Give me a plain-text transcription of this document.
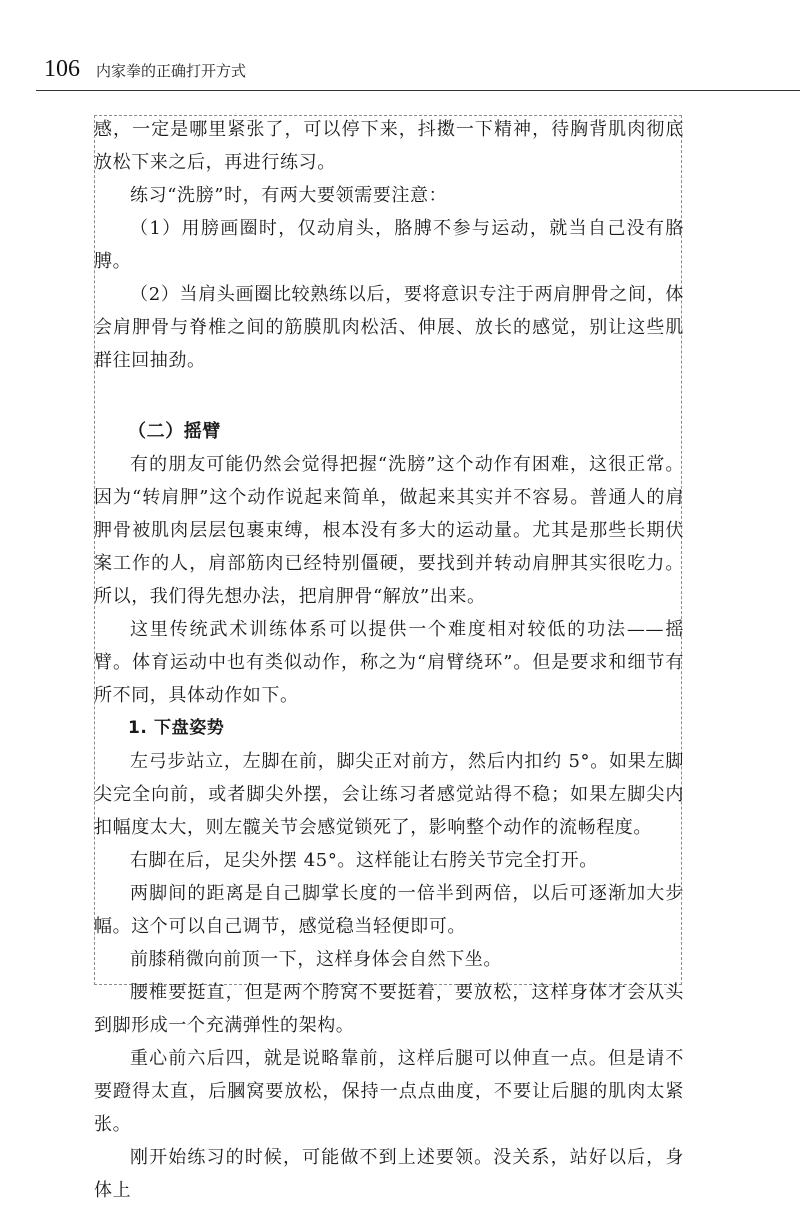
106 内家拳的正确打开方式

感，一定是哪里紧张了，可以停下来，抖擞一下精神，待胸背肌肉彻底放松下来之后，再进行练习。

练习“洗膀”时，有两大要领需要注意：

（1）用膀画圈时，仅动肩头，胳膊不参与运动，就当自己没有胳膊。

（2）当肩头画圈比较熟练以后，要将意识专注于两肩胛骨之间，体会肩胛骨与脊椎之间的筋膜肌肉松活、伸展、放长的感觉，别让这些肌群往回抽劲。

（二）摇臂

有的朋友可能仍然会觉得把握“洗膀”这个动作有困难，这很正常。因为“转肩胛”这个动作说起来简单，做起来其实并不容易。普通人的肩胛骨被肌肉层层包裹束缚，根本没有多大的运动量。尤其是那些长期伏案工作的人，肩部筋肉已经特别僵硬，要找到并转动肩胛其实很吃力。所以，我们得先想办法，把肩胛骨“解放”出来。

这里传统武术训练体系可以提供一个难度相对较低的功法——摇臂。体育运动中也有类似动作，称之为“肩臂绕环”。但是要求和细节有所不同，具体动作如下。

1. 下盘姿势

左弓步站立，左脚在前，脚尖正对前方，然后内扣约 5°。如果左脚尖完全向前，或者脚尖外摆，会让练习者感觉站得不稳；如果左脚尖内扣幅度太大，则左髋关节会感觉锁死了，影响整个动作的流畅程度。

右脚在后，足尖外摆 45°。这样能让右胯关节完全打开。

两脚间的距离是自己脚掌长度的一倍半到两倍，以后可逐渐加大步幅。这个可以自己调节，感觉稳当轻便即可。

前膝稍微向前顶一下，这样身体会自然下坐。

腰椎要挺直，但是两个胯窝不要挺着，要放松，这样身体才会从头到脚形成一个充满弹性的架构。

重心前六后四，就是说略靠前，这样后腿可以伸直一点。但是请不要蹬得太直，后膕窝要放松，保持一点点曲度，不要让后腿的肌肉太紧张。

刚开始练习的时候，可能做不到上述要领。没关系，站好以后，身体上
